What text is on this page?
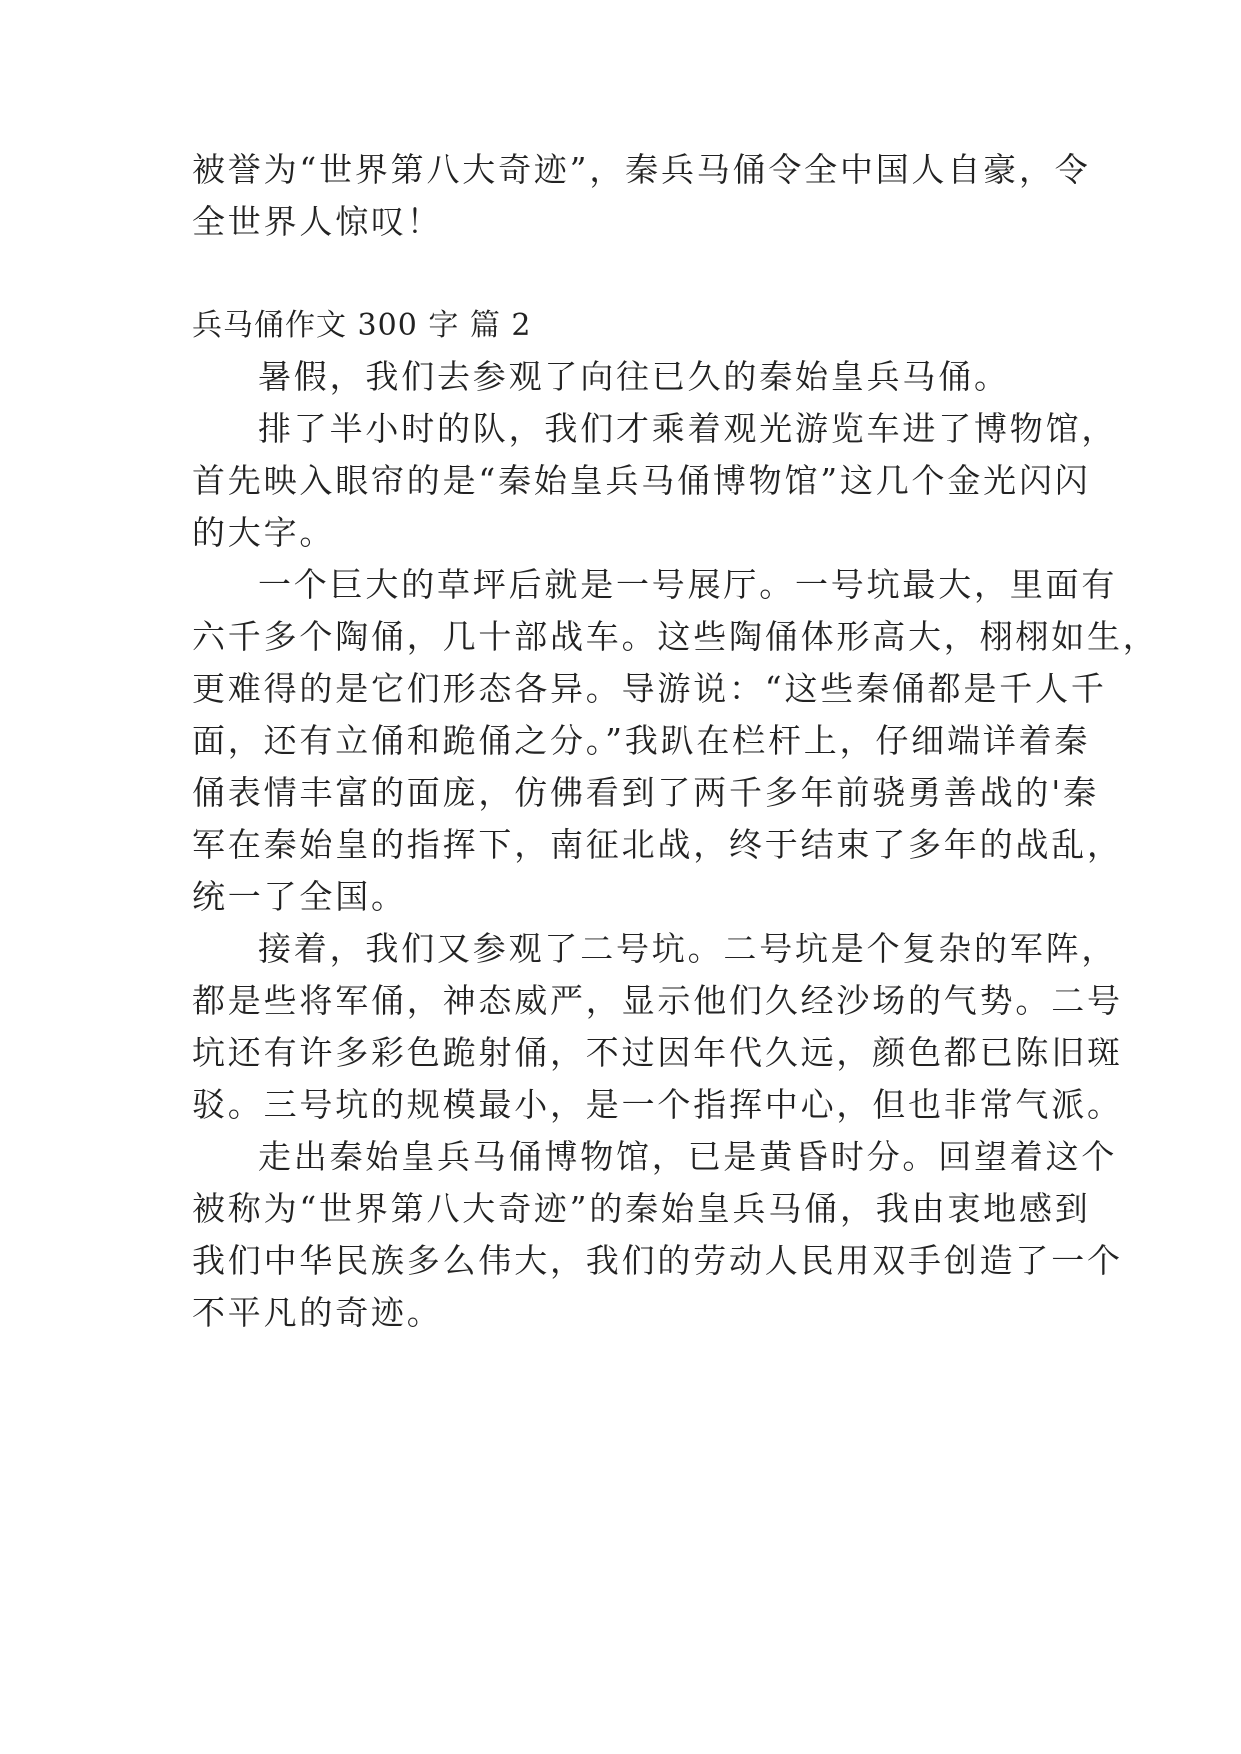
被誉为“世界第八大奇迹”，秦兵马俑令全中国人自豪，令
全世界人惊叹！
兵马俑作文 300 字 篇 2
暑假，我们去参观了向往已久的秦始皇兵马俑。
排了半小时的队，我们才乘着观光游览车进了博物馆，
首先映入眼帘的是“秦始皇兵马俑博物馆”这几个金光闪闪
的大字。
一个巨大的草坪后就是一号展厅。一号坑最大，里面有
六千多个陶俑，几十部战车。这些陶俑体形高大，栩栩如生，
更难得的是它们形态各异。导游说：“这些秦俑都是千人千
面，还有立俑和跪俑之分。”我趴在栏杆上，仔细端详着秦
俑表情丰富的面庞，仿佛看到了两千多年前骁勇善战的'秦
军在秦始皇的指挥下，南征北战，终于结束了多年的战乱，
统一了全国。
接着，我们又参观了二号坑。二号坑是个复杂的军阵，
都是些将军俑，神态威严，显示他们久经沙场的气势。二号
坑还有许多彩色跪射俑，不过因年代久远，颜色都已陈旧斑
驳。三号坑的规模最小，是一个指挥中心，但也非常气派。
走出秦始皇兵马俑博物馆，已是黄昏时分。回望着这个
被称为“世界第八大奇迹”的秦始皇兵马俑，我由衷地感到
我们中华民族多么伟大，我们的劳动人民用双手创造了一个
不平凡的奇迹。
